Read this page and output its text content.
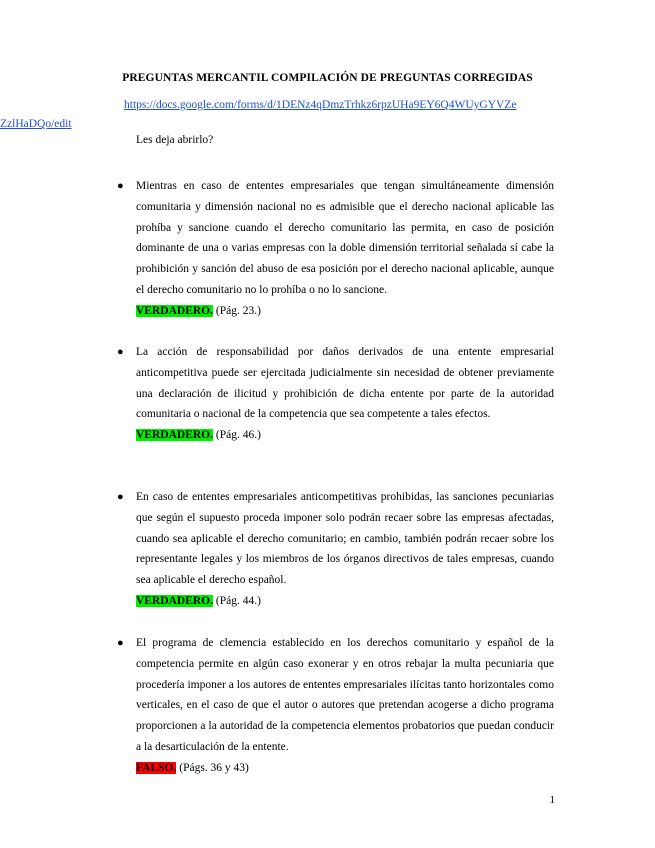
PREGUNTAS MERCANTIL COMPILACIÓN DE PREGUNTAS CORREGIDAS
https://docs.google.com/forms/d/1DENz4qDmzTrhkz6rpzUHa9EY6Q4WUyGYVZe
ZzlHaDQo/edit
Les deja abrirlo?
● Mientras en caso de ententes empresariales que tengan simultáneamente dimensión comunitaria y dimensión nacional no es admisible que el derecho nacional aplicable las prohíba y sancione cuando el derecho comunitario las permita, en caso de posición dominante de una o varias empresas con la doble dimensión territorial señalada sí cabe la prohibición y sanción del abuso de esa posición por el derecho nacional aplicable, aunque el derecho comunitario no lo prohíba o no lo sancione.
VERDADERO. (Pág. 23.)
● La acción de responsabilidad por daños derivados de una entente empresarial anticompetitiva puede ser ejercitada judicialmente sin necesidad de obtener previamente una declaración de ilicitud y prohibición de dicha entente por parte de la autoridad comunitaria o nacional de la competencia que sea competente a tales efectos.
VERDADERO. (Pág. 46.)
● En caso de ententes empresariales anticompetitivas prohibidas, las sanciones pecuniarias que según el supuesto proceda imponer solo podrán recaer sobre las empresas afectadas, cuando sea aplicable el derecho comunitario; en cambio, también podrán recaer sobre los representante legales y los miembros de los órganos directivos de tales empresas, cuando sea aplicable el derecho español.
VERDADERO. (Pág. 44.)
● El programa de clemencia establecido en los derechos comunitario y español de la competencia permite en algún caso exonerar y en otros rebajar la multa pecuniaria que procedería imponer a los autores de ententes empresariales ilícitas tanto horizontales como verticales, en el caso de que el autor o autores que pretendan acogerse a dicho programa proporcionen a la autoridad de la competencia elementos probatorios que puedan conducir a la desarticulación de la entente.
FALSO. (Págs. 36 y 43)
1
